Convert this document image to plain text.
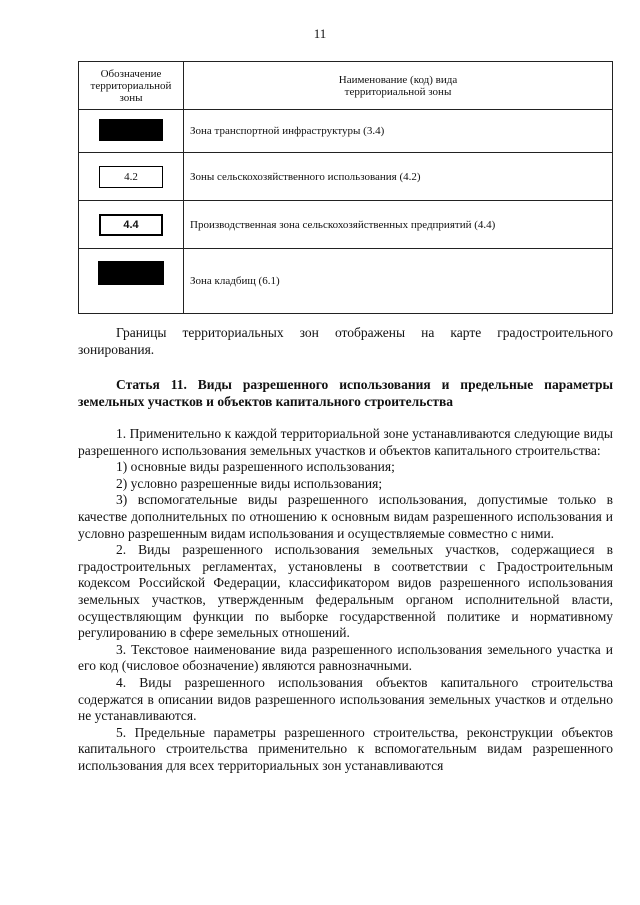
11
Обозначение территориальной зоны	Наименование (код) вида территориальной зоны
	Зона транспортной инфраструктуры (3.4)
4.2	Зоны сельскохозяйственного использования (4.2)
4.4	Производственная зона сельскохозяйственных предприятий (4.4)
	Зона кладбищ (6.1)

Границы территориальных зон отображены на карте градостроительного зонирования.

Статья 11. Виды разрешенного использования и предельные параметры земельных участков и объектов капитального строительства

1. Применительно к каждой территориальной зоне устанавливаются следующие виды разрешенного использования земельных участков и объектов капитального строительства:

1) основные виды разрешенного использования;

2) условно разрешенные виды использования;

3) вспомогательные виды разрешенного использования, допустимые только в качестве дополнительных по отношению к основным видам разрешенного использования и условно разрешенным видам использования и осуществляемые совместно с ними.

2. Виды разрешенного использования земельных участков, содержащиеся в градостроительных регламентах, установлены в соответствии с Градостроительным кодексом Российской Федерации, классификатором видов разрешенного использования земельных участков, утвержденным федеральным органом исполнительной власти, осуществляющим функции по выборке государственной политике и нормативному регулированию в сфере земельных отношений.

3. Текстовое наименование вида разрешенного использования земельного участка и его код (числовое обозначение) являются равнозначными.

4. Виды разрешенного использования объектов капитального строительства содержатся в описании видов разрешенного использования земельных участков и отдельно не устанавливаются.

5. Предельные параметры разрешенного строительства, реконструкции объектов капитального строительства применительно к вспомогательным видам разрешенного использования для всех территориальных зон устанавливаются
